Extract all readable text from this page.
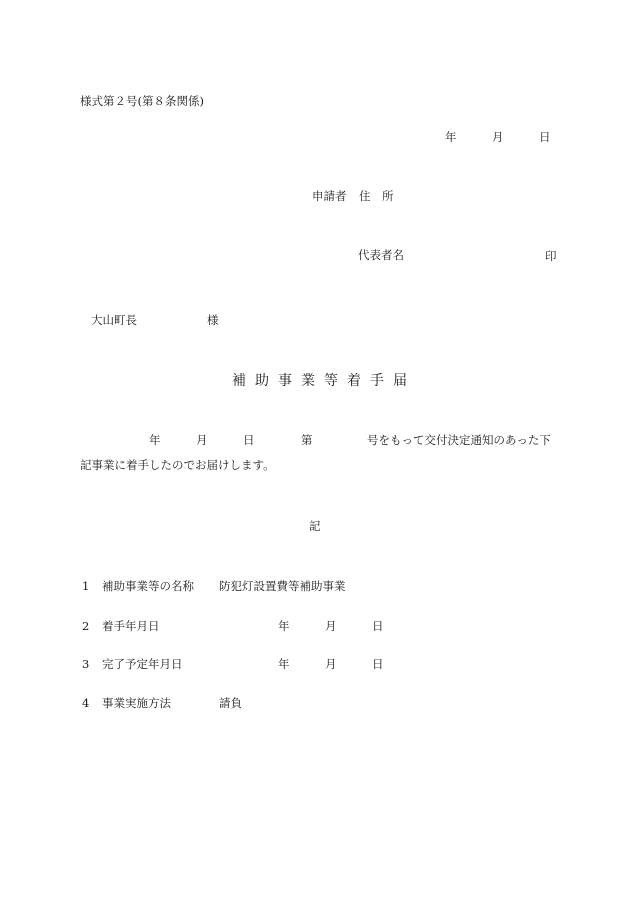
様式第２号(第８条関係)
年	月	日
申請者 住　所
代表者名	印
大山町長	様
補助事業等着手届
年	月	日	第	号をもって交付決定通知のあった下
記事業に着手したのでお届けします。
記
1 補助事業等の名称 防犯灯設置費等補助事業
2 着手年月日	年	月	日
3 完了予定年月日	年	月	日
4 事業実施方法	請負
